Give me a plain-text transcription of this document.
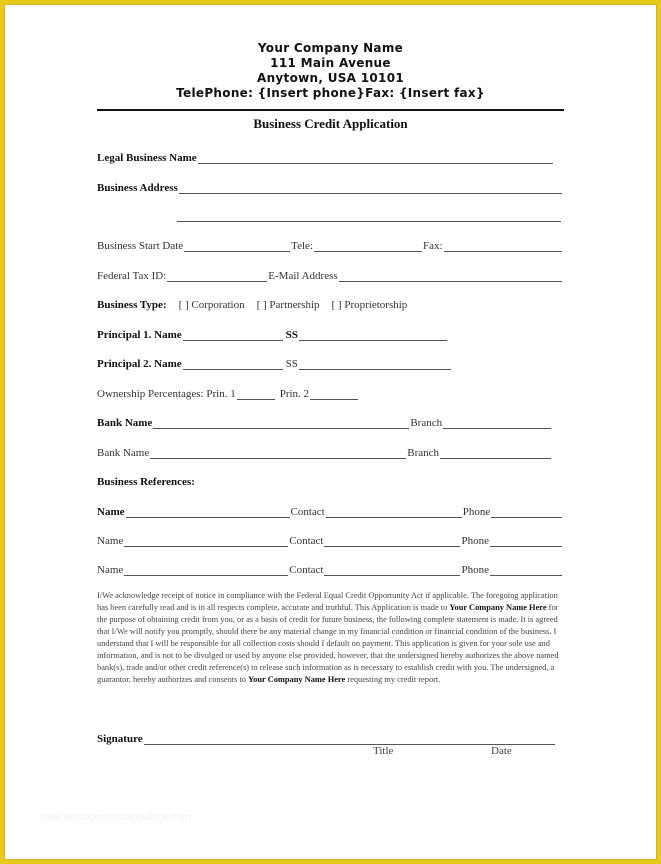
Your Company Name
111 Main Avenue
Anytown, USA 10101
TelePhone: {Insert phone}Fax: {Insert fax}
Business Credit Application
Legal Business Name
Business Address
Business Start Date	Tele:	Fax:
Federal Tax ID:	E-Mail Address
Business Type: [ ] Corporation [ ] Partnership [ ] Proprietorship
Principal 1. Name	SS
Principal 2. Name	SS
Ownership Percentages: Prin. 1	Prin. 2
Bank Name	Branch
Bank Name	Branch
Business References:
Name	Contact	Phone
Name	Contact	Phone
Name	Contact	Phone
I/We acknowledge receipt of notice in compliance with the Federal Equal Credit Opportunity Act if applicable. The foregoing application has been carefully read and is in all respects complete, accurate and truthful. This Application is made to Your Company Name Here for the purpose of obtaining credit from you, or as a basis of credit for future business, the following complete statement is made. It is agreed that I/We will notify you promptly, should there be any material change in my financial condition or financial condition of the business. I understand that I will be responsible for all collection costs should I default on payment. This application is given for your sole use and information, and is not to be divulged or used by anyone else provided, however, that the undersigned hereby authorizes the above named bank(s), trade and/or other credit reference(s) to release such information as is necessary to establish credit with you. The undersigned, a guarantor, hereby authorizes and consents to Your Company Name Here requesting my credit report.
Signature
Title	Date
www.heritagechristiancollege.com
